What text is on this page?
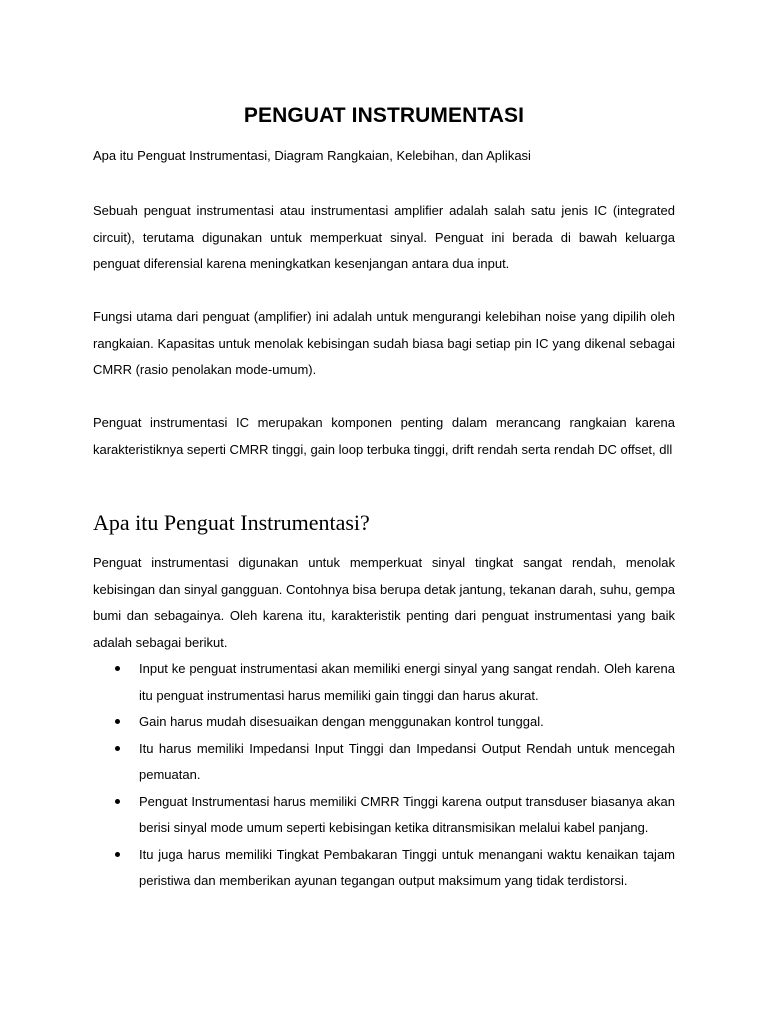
PENGUAT INSTRUMENTASI

Apa itu Penguat Instrumentasi, Diagram Rangkaian, Kelebihan, dan Aplikasi

Sebuah penguat instrumentasi atau instrumentasi amplifier adalah salah satu jenis IC (integrated circuit), terutama digunakan untuk memperkuat sinyal. Penguat ini berada di bawah keluarga penguat diferensial karena meningkatkan kesenjangan antara dua input.

Fungsi utama dari penguat (amplifier) ini adalah untuk mengurangi kelebihan noise yang dipilih oleh rangkaian. Kapasitas untuk menolak kebisingan sudah biasa bagi setiap pin IC yang dikenal sebagai CMRR (rasio penolakan mode-umum).

Penguat instrumentasi IC merupakan komponen penting dalam merancang rangkaian karena karakteristiknya seperti CMRR tinggi, gain loop terbuka tinggi, drift rendah serta rendah DC offset, dll

Apa itu Penguat Instrumentasi?

Penguat instrumentasi digunakan untuk memperkuat sinyal tingkat sangat rendah, menolak kebisingan dan sinyal gangguan. Contohnya bisa berupa detak jantung, tekanan darah, suhu, gempa bumi dan sebagainya. Oleh karena itu, karakteristik penting dari penguat instrumentasi yang baik adalah sebagai berikut.

Input ke penguat instrumentasi akan memiliki energi sinyal yang sangat rendah. Oleh karena itu penguat instrumentasi harus memiliki gain tinggi dan harus akurat.
Gain harus mudah disesuaikan dengan menggunakan kontrol tunggal.
Itu harus memiliki Impedansi Input Tinggi dan Impedansi Output Rendah untuk mencegah pemuatan.
Penguat Instrumentasi harus memiliki CMRR Tinggi karena output transduser biasanya akan berisi sinyal mode umum seperti kebisingan ketika ditransmisikan melalui kabel panjang.
Itu juga harus memiliki Tingkat Pembakaran Tinggi untuk menangani waktu kenaikan tajam peristiwa dan memberikan ayunan tegangan output maksimum yang tidak terdistorsi.
